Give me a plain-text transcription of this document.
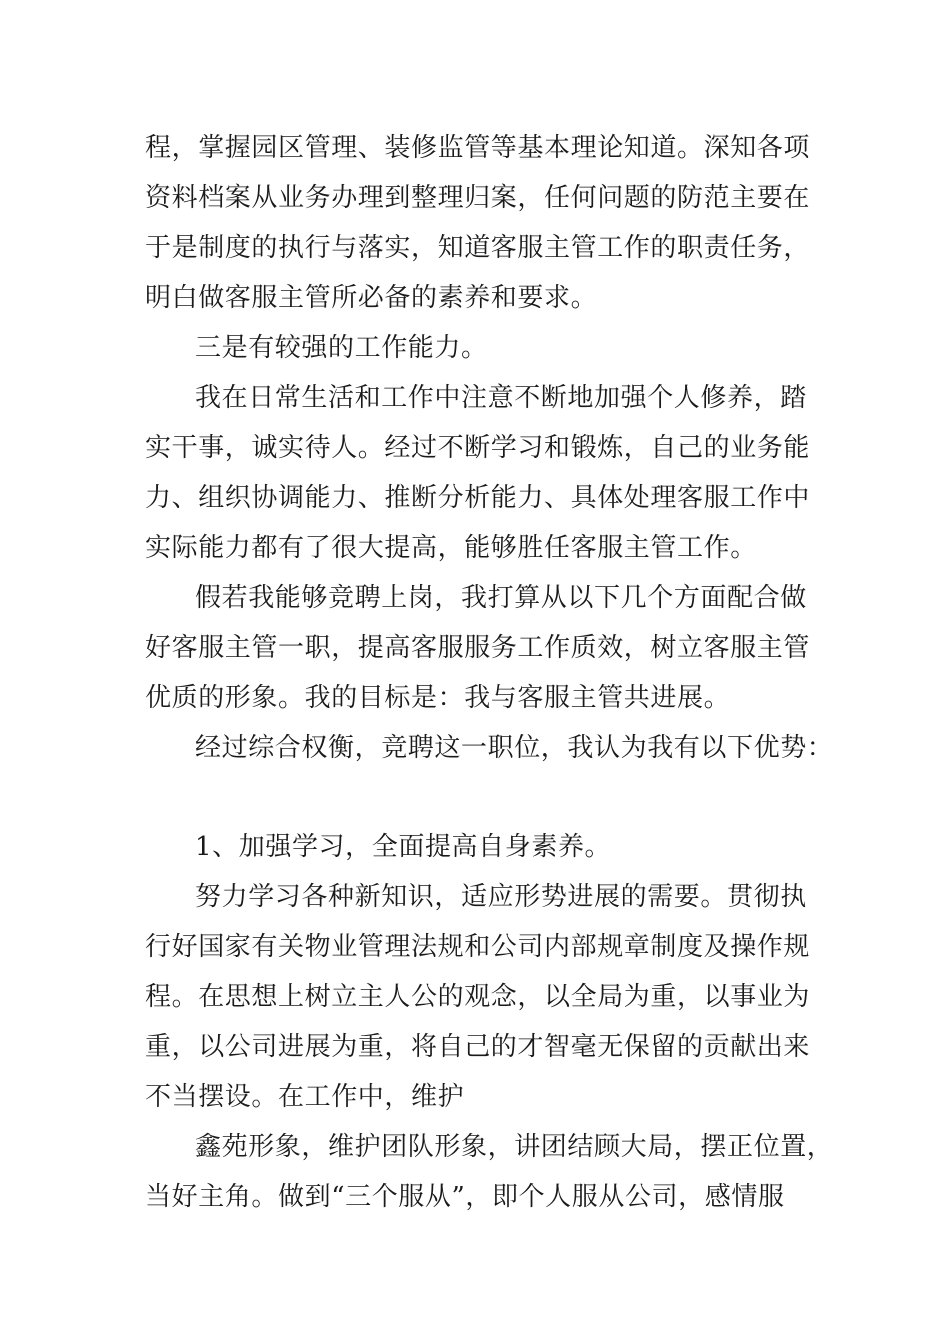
程，掌握园区管理、装修监管等基本理论知道。深知各项
资料档案从业务办理到整理归案，任何问题的防范主要在
于是制度的执行与落实，知道客服主管工作的职责任务，
明白做客服主管所必备的素养和要求。
三是有较强的工作能力。
我在日常生活和工作中注意不断地加强个人修养，踏
实干事，诚实待人。经过不断学习和锻炼，自己的业务能
力、组织协调能力、推断分析能力、具体处理客服工作中
实际能力都有了很大提高，能够胜任客服主管工作。
假若我能够竞聘上岗，我打算从以下几个方面配合做
好客服主管一职，提高客服服务工作质效，树立客服主管
优质的形象。我的目标是：我与客服主管共进展。
经过综合权衡，竞聘这一职位，我认为我有以下优势：
1、加强学习，全面提高自身素养。
努力学习各种新知识，适应形势进展的需要。贯彻执
行好国家有关物业管理法规和公司内部规章制度及操作规
程。在思想上树立主人公的观念，以全局为重，以事业为
重，以公司进展为重，将自己的才智毫无保留的贡献出来
不当摆设。在工作中，维护
鑫苑形象，维护团队形象，讲团结顾大局，摆正位置，
当好主角。做到“三个服从”，即个人服从公司，感情服
